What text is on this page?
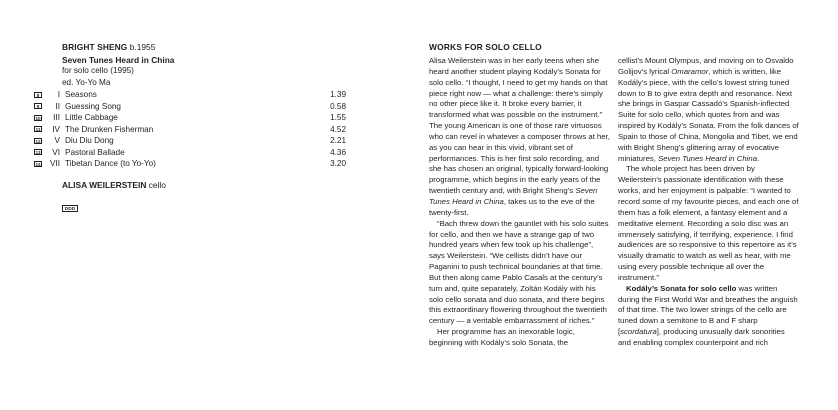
BRIGHT SHENG b.1955
Seven Tunes Heard in China
for solo cello (1995)
ed. Yo-Yo Ma
8	I Seasons	1.39
9	II Guessing Song	0.58
10	III Little Cabbage	1.55
11	IV The Drunken Fisherman	4.52
12	V Diu Diu Dong	2.21
13	VI Pastoral Ballade	4.36
14	VII Tibetan Dance (to Yo-Yo)	3.20
ALISA WEILERSTEIN cello
DDD
WORKS FOR SOLO CELLO

Alisa Weilerstein was in her early teens when she heard another student playing Kodály’s Sonata for solo cello. “I thought, I need to get my hands on that piece right now — what a challenge: there’s simply no other piece like it. It broke every barrier, it transformed what was possible on the instrument.” The young American is one of those rare virtuosos who can revel in whatever a composer throws at her, as you can hear in this vivid, vibrant set of performances. This is her first solo recording, and she has chosen an original, typically forward-looking programme, which begins in the early years of the twentieth century and, with Bright Sheng’s Seven Tunes Heard in China, takes us to the eve of the twenty-first.

“Bach threw down the gauntlet with his solo suites for cello, and then we have a strange gap of two hundred years when few took up his challenge”, says Weilerstein. “We cellists didn’t have our Paganini to push technical boundaries at that time. But then along came Pablo Casals at the century’s turn and, quite separately, Zoltán Kodály with his solo cello sonata and duo sonata, and there begins this extraordinary flowering throughout the twentieth century — a veritable embarrassment of riches.”

Her programme has an inexorable logic, beginning with Kodály’s solo Sonata, the

cellist’s Mount Olympus, and moving on to Osvaldo Golijov’s lyrical Omaramor, which is written, like Kodály’s piece, with the cello’s lowest string tuned down to B to give extra depth and resonance. Next she brings in Gaspar Cassadó’s Spanish-inflected Suite for solo cello, which quotes from and was inspired by Kodály’s Sonata. From the folk dances of Spain to those of China, Mongolia and Tibet, we end with Bright Sheng’s glittering array of evocative miniatures, Seven Tunes Heard in China.

The whole project has been driven by Weilerstein’s passionate identification with these works, and her enjoyment is palpable: “I wanted to record some of my favourite pieces, and each one of them has a folk element, a fantasy element and a meditative element. Recording a solo disc was an immensely satisfying, if terrifying, experience. I find audiences are so responsive to this repertoire as it’s visually dramatic to watch as well as hear, with me using every possible technique all over the instrument.”

Kodály’s Sonata for solo cello was written during the First World War and breathes the anguish of that time. The two lower strings of the cello are tuned down a semitone to B and F sharp [scordatura], producing unusually dark sonorities and enabling complex counterpoint and rich
